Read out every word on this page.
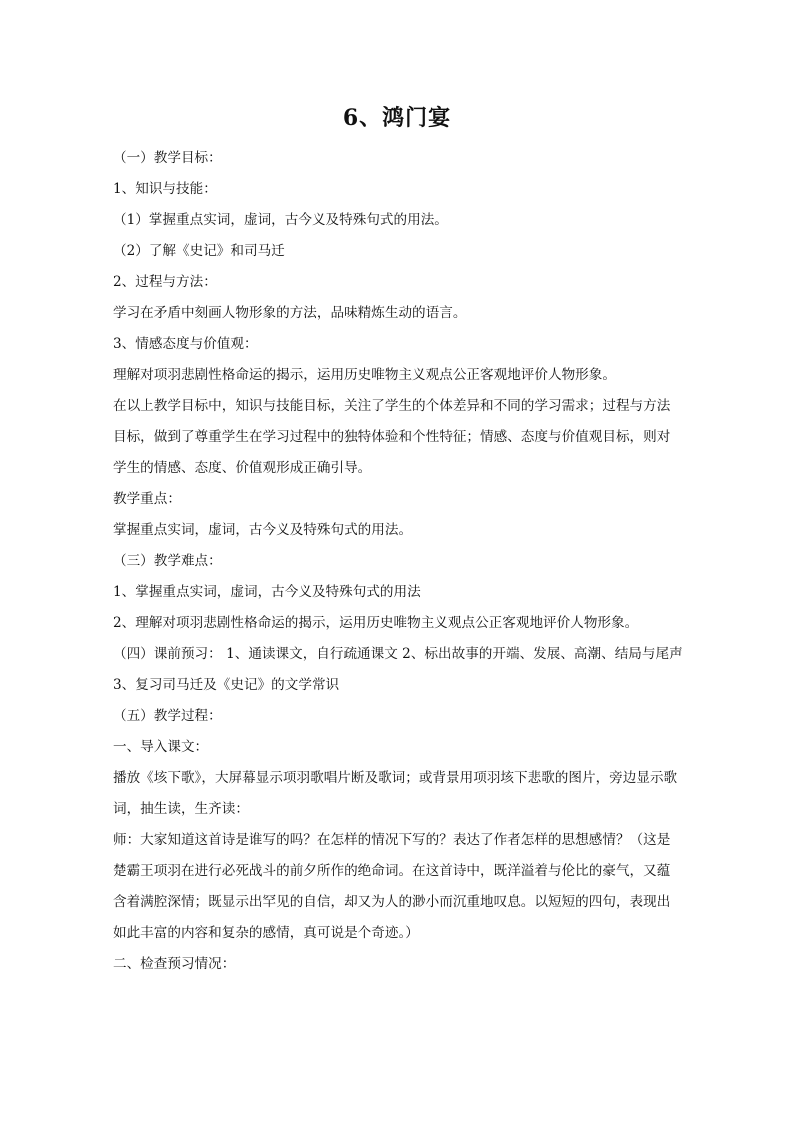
6、鸿门宴

（一）教学目标：

1、知识与技能：

（1）掌握重点实词，虚词，古今义及特殊句式的用法。

（2）了解《史记》和司马迁

2、过程与方法：

学习在矛盾中刻画人物形象的方法，品味精炼生动的语言。

3、情感态度与价值观：

理解对项羽悲剧性格命运的揭示，运用历史唯物主义观点公正客观地评价人物形象。

在以上教学目标中，知识与技能目标，关注了学生的个体差异和不同的学习需求；过程与方法目标，做到了尊重学生在学习过程中的独特体验和个性特征；情感、态度与价值观目标，则对学生的情感、态度、价值观形成正确引导。

教学重点：

掌握重点实词，虚词，古今义及特殊句式的用法。

（三）教学难点：

1、掌握重点实词，虚词，古今义及特殊句式的用法

2、理解对项羽悲剧性格命运的揭示，运用历史唯物主义观点公正客观地评价人物形象。

（四）课前预习： 1、通读课文，自行疏通课文 2、标出故事的开端、发展、高潮、结局与尾声

3、复习司马迁及《史记》的文学常识

（五）教学过程：

一、导入课文：

播放《垓下歌》，大屏幕显示项羽歌唱片断及歌词；或背景用项羽垓下悲歌的图片，旁边显示歌词，抽生读，生齐读：

师：大家知道这首诗是谁写的吗？在怎样的情况下写的？表达了作者怎样的思想感情？（这是楚霸王项羽在进行必死战斗的前夕所作的绝命词。在这首诗中，既洋溢着与伦比的豪气，又蕴含着满腔深情；既显示出罕见的自信，却又为人的渺小而沉重地叹息。以短短的四句，表现出如此丰富的内容和复杂的感情，真可说是个奇迹。）

二、检查预习情况：
